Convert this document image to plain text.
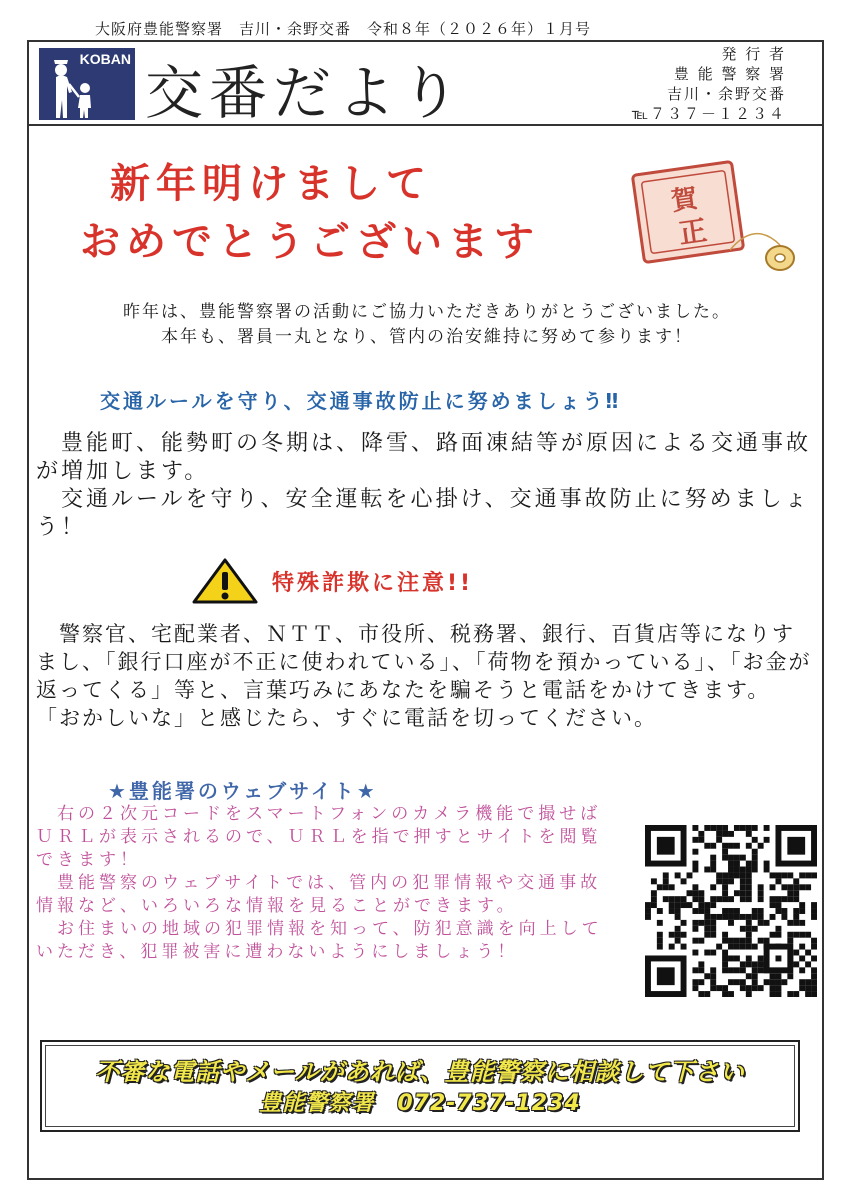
大阪府豊能警察署　吉川・余野交番　令和８年（２０２６年）１月号
KOBAN 交番だより
発 行 者
豊 能 警 察 署
吉川・余野交番
℡７３７－１２３４
新年明けまして
おめでとうございます
賀
正
昨年は、豊能警察署の活動にご協力いただきありがとうございました。
本年も、署員一丸となり、管内の治安維持に努めて参ります！
交通ルールを守り、交通事故防止に努めましょう‼

　豊能町、能勢町の冬期は、降雪、路面凍結等が原因による交通事故が増加します。

　交通ルールを守り、安全運転を心掛け、交通事故防止に努めましょう！

特殊詐欺に注意!!

　警察官、宅配業者、ＮＴＴ、市役所、税務署、銀行、百貨店等になりすまし、「銀行口座が不正に使われている」、「荷物を預かっている」、「お金が返ってくる」等と、言葉巧みにあなたを騙そうと電話をかけてきます。

「おかしいな」と感じたら、すぐに電話を切ってください。

★豊能署のウェブサイト★

　右の２次元コードをスマートフォンのカメラ機能で撮せばＵＲＬが表示されるので、ＵＲＬを指で押すとサイトを閲覧できます！

　豊能警察のウェブサイトでは、管内の犯罪情報や交通事故情報など、いろいろな情報を見ることができます。

　お住まいの地域の犯罪情報を知って、防犯意識を向上していただき、犯罪被害に遭わないようにしましょう！

不審な電話やメールがあれば、豊能警察に相談して下さい
豊能警察署　072-737-1234
